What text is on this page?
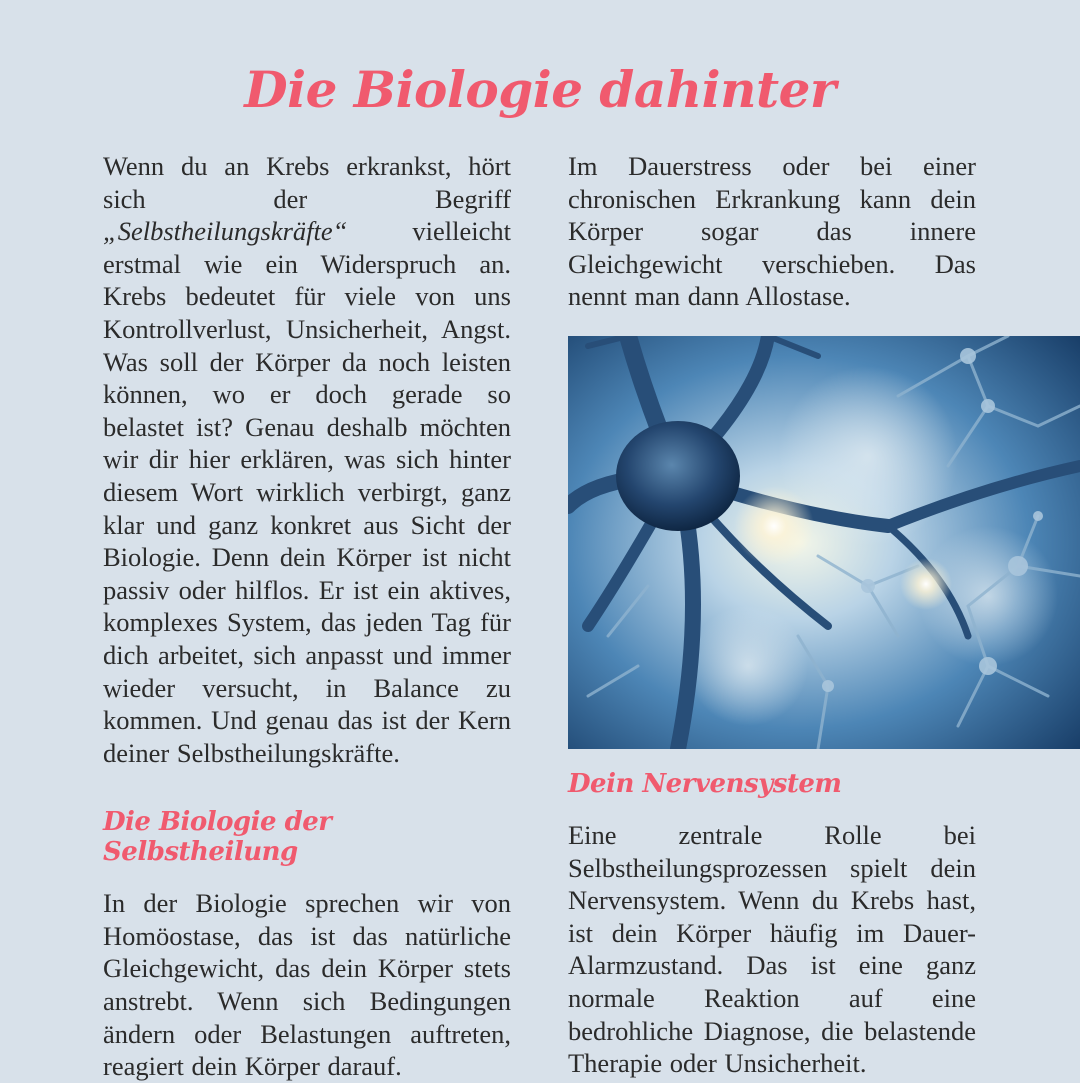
Die Biologie dahinter

Wenn du an Krebs erkrankst, hört sich der Begriff „Selbstheilungskräfte“ vielleicht erstmal wie ein Widerspruch an. Krebs bedeutet für viele von uns Kontrollverlust, Unsicherheit, Angst. Was soll der Körper da noch leisten können, wo er doch gerade so belastet ist? Genau deshalb möchten wir dir hier erklären, was sich hinter diesem Wort wirklich verbirgt, ganz klar und ganz konkret aus Sicht der Biologie. Denn dein Körper ist nicht passiv oder hilflos. Er ist ein aktives, komplexes System, das jeden Tag für dich arbeitet, sich anpasst und immer wieder versucht, in Balance zu kommen. Und genau das ist der Kern deiner Selbstheilungskräfte.

Die Biologie der Selbstheilung

In der Biologie sprechen wir von Homöostase, das ist das natürliche Gleichgewicht, das dein Körper stets anstrebt. Wenn sich Bedingungen ändern oder Belastungen auftreten, reagiert dein Körper darauf.

Im Dauerstress oder bei einer chronischen Erkrankung kann dein Körper sogar das innere Gleichgewicht verschieben. Das nennt man dann Allostase.

Dein Nervensystem

Eine zentrale Rolle bei Selbstheilungsprozessen spielt dein Nervensystem. Wenn du Krebs hast, ist dein Körper häufig im Dauer-Alarmzustand. Das ist eine ganz normale Reaktion auf eine bedrohliche Diagnose, die belastende Therapie oder Unsicherheit.
